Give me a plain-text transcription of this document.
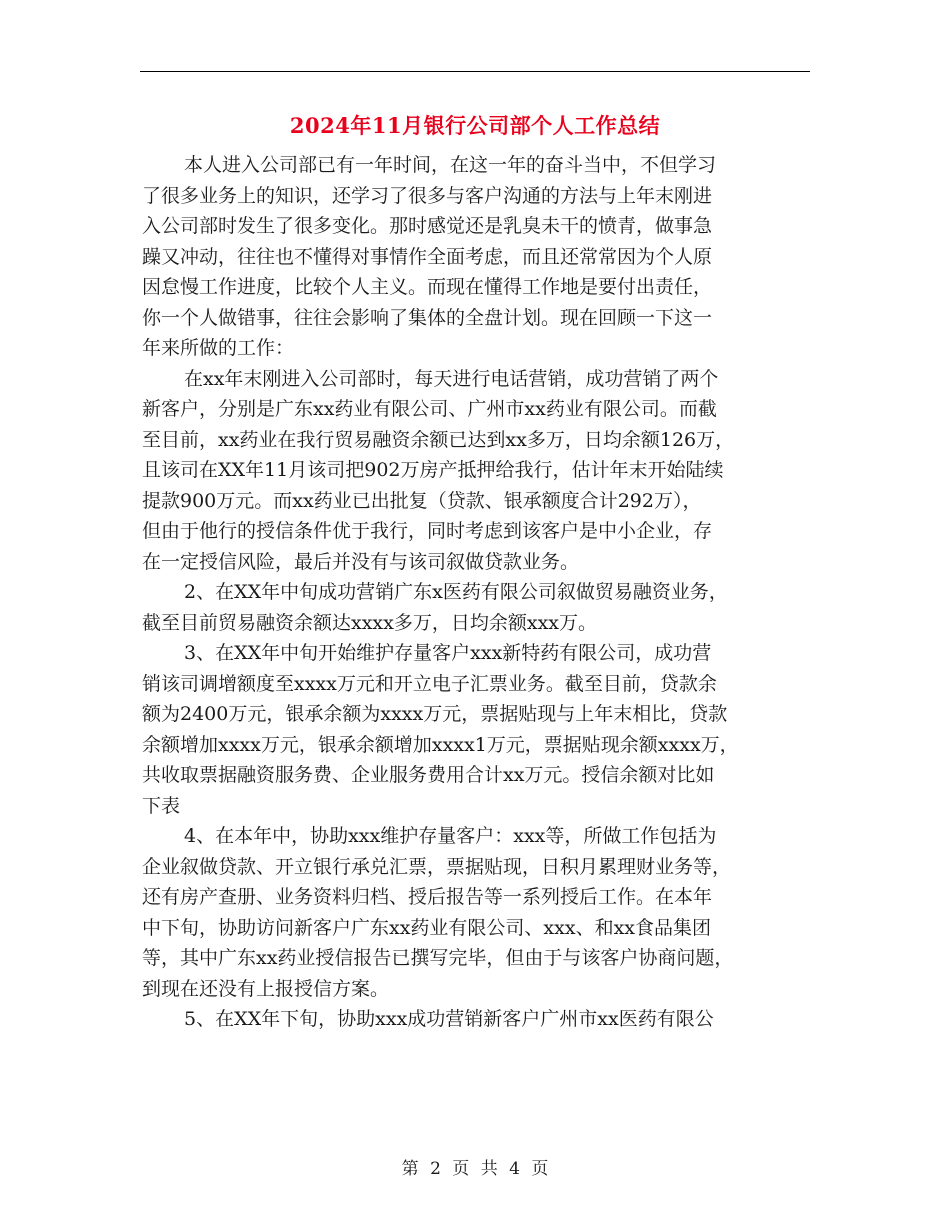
2024年11月银行公司部个人工作总结
本人进入公司部已有一年时间，在这一年的奋斗当中，不但学习
了很多业务上的知识，还学习了很多与客户沟通的方法与上年末刚进
入公司部时发生了很多变化。那时感觉还是乳臭未干的愤青，做事急
躁又冲动，往往也不懂得对事情作全面考虑，而且还常常因为个人原
因怠慢工作进度，比较个人主义。而现在懂得工作地是要付出责任，
你一个人做错事，往往会影响了集体的全盘计划。现在回顾一下这一
年来所做的工作：
在xx年末刚进入公司部时，每天进行电话营销，成功营销了两个
新客户，分别是广东xx药业有限公司、广州市xx药业有限公司。而截
至目前，xx药业在我行贸易融资余额已达到xx多万，日均余额126万，
且该司在XX年11月该司把902万房产抵押给我行，估计年末开始陆续
提款900万元。而xx药业已出批复（贷款、银承额度合计292万），
但由于他行的授信条件优于我行，同时考虑到该客户是中小企业，存
在一定授信风险，最后并没有与该司叙做贷款业务。
2、在XX年中旬成功营销广东x医药有限公司叙做贸易融资业务，
截至目前贸易融资余额达xxxx多万，日均余额xxx万。
3、在XX年中旬开始维护存量客户xxx新特药有限公司，成功营
销该司调增额度至xxxx万元和开立电子汇票业务。截至目前，贷款余
额为2400万元，银承余额为xxxx万元，票据贴现与上年末相比，贷款
余额增加xxxx万元，银承余额增加xxxx1万元，票据贴现余额xxxx万，
共收取票据融资服务费、企业服务费用合计xx万元。授信余额对比如
下表
4、在本年中，协助xxx维护存量客户：xxx等，所做工作包括为
企业叙做贷款、开立银行承兑汇票，票据贴现，日积月累理财业务等，
还有房产查册、业务资料归档、授后报告等一系列授后工作。在本年
中下旬，协助访问新客户广东xx药业有限公司、xxx、和xx食品集团
等，其中广东xx药业授信报告已撰写完毕，但由于与该客户协商问题，
到现在还没有上报授信方案。
5、在XX年下旬，协助xxx成功营销新客户广州市xx医药有限公
第 2 页 共 4 页
